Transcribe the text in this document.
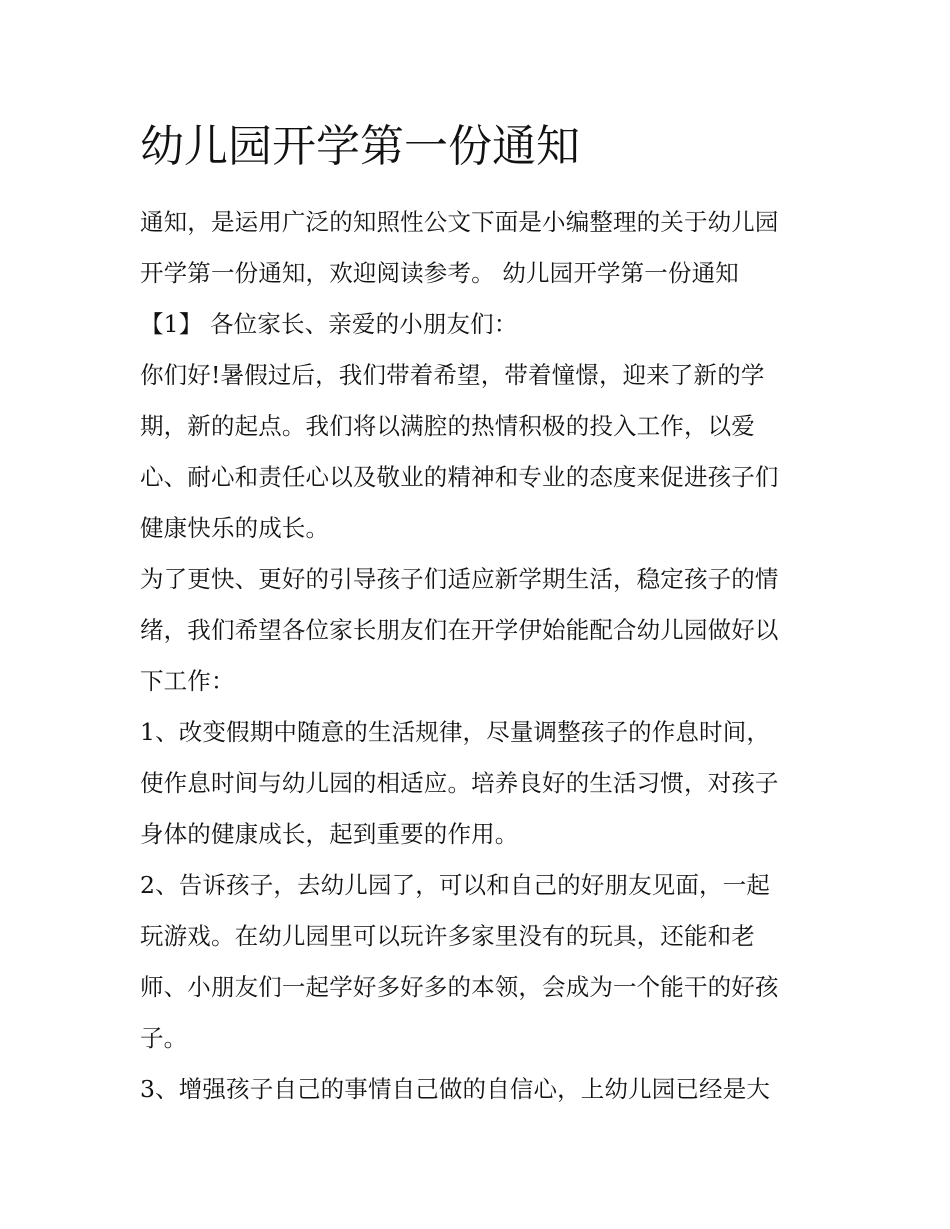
幼儿园开学第一份通知
通知，是运用广泛的知照性公文下面是小编整理的关于幼儿园
开学第一份通知，欢迎阅读参考。 幼儿园开学第一份通知
【1】 各位家长、亲爱的小朋友们：
你们好!暑假过后，我们带着希望，带着憧憬，迎来了新的学
期，新的起点。我们将以满腔的热情积极的投入工作，以爱
心、耐心和责任心以及敬业的精神和专业的态度来促进孩子们
健康快乐的成长。
为了更快、更好的引导孩子们适应新学期生活，稳定孩子的情
绪，我们希望各位家长朋友们在开学伊始能配合幼儿园做好以
下工作：
1、改变假期中随意的生活规律，尽量调整孩子的作息时间，
使作息时间与幼儿园的相适应。培养良好的生活习惯，对孩子
身体的健康成长，起到重要的作用。
2、告诉孩子，去幼儿园了，可以和自己的好朋友见面，一起
玩游戏。在幼儿园里可以玩许多家里没有的玩具，还能和老
师、小朋友们一起学好多好多的本领，会成为一个能干的好孩
子。
3、增强孩子自己的事情自己做的自信心，上幼儿园已经是大
